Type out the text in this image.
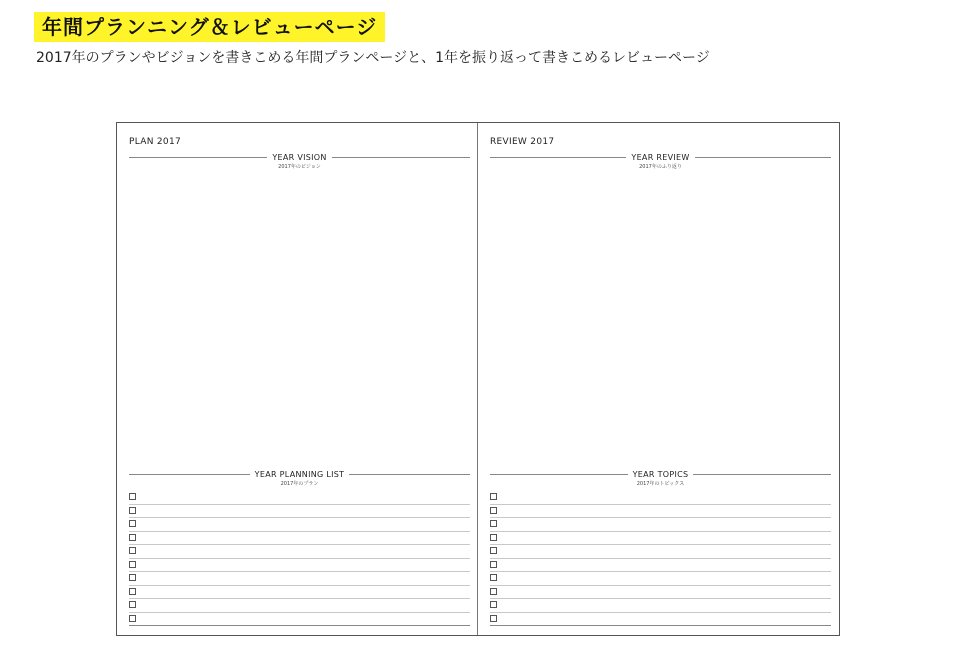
年間プランニング＆レビューページ
2017年のプランやビジョンを書きこめる年間プランページと、1年を振り返って書きこめるレビューページ
PLAN 2017
YEAR VISION
2017年のビジョン
YEAR PLANNING LIST
2017年のプラン
REVIEW 2017
YEAR REVIEW
2017年のふり返り
YEAR TOPICS
2017年のトピックス
